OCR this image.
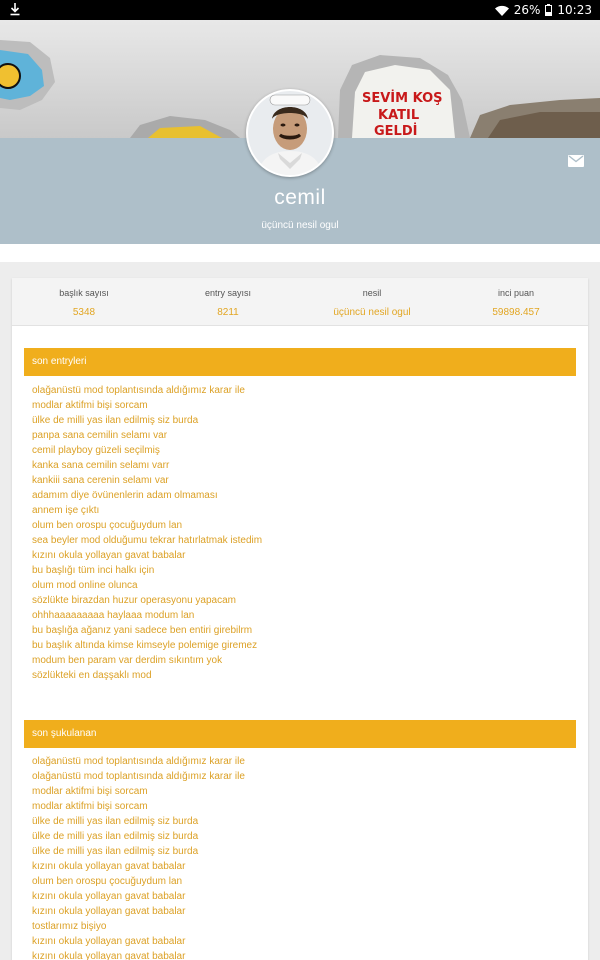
26% 10:23
SEVİM KOŞ
KATIL
GELDİ
cemil
üçüncü nesil ogul
başlık sayısı
5348
entry sayısı
8211
nesil
üçüncü nesil ogul
inci puan
59898.457
son entryleri
olağanüstü mod toplantısında aldığımız karar ile
modlar aktifmi bişi sorcam
ülke de milli yas ilan edilmiş siz burda
panpa sana cemilin selamı var
cemil playboy güzeli seçilmiş
kanka sana cemilin selamı varr
kankiii sana cerenin selamı var
adamım diye övünenlerin adam olmaması
annem işe çıktı
olum ben orospu çocuğuydum lan
sea beyler mod olduğumu tekrar hatırlatmak istedim
kızını okula yollayan gavat babalar
bu başlığı tüm inci halkı için
olum mod online olunca
sözlükte birazdan huzur operasyonu yapacam
ohhhaaaaaaaaa haylaaa modum lan
bu başlığa ağanız yani sadece ben entiri girebilrm
bu başlık altında kimse kimseyle polemige giremez
modum ben param var derdim sıkıntım yok
sözlükteki en daşşaklı mod
son şukulanan
olağanüstü mod toplantısında aldığımız karar ile
olağanüstü mod toplantısında aldığımız karar ile
modlar aktifmi bişi sorcam
modlar aktifmi bişi sorcam
ülke de milli yas ilan edilmiş siz burda
ülke de milli yas ilan edilmiş siz burda
ülke de milli yas ilan edilmiş siz burda
kızını okula yollayan gavat babalar
olum ben orospu çocuğuydum lan
kızını okula yollayan gavat babalar
kızını okula yollayan gavat babalar
tostlarımız bişiyo
kızını okula yollayan gavat babalar
kızını okula yollayan gavat babalar
